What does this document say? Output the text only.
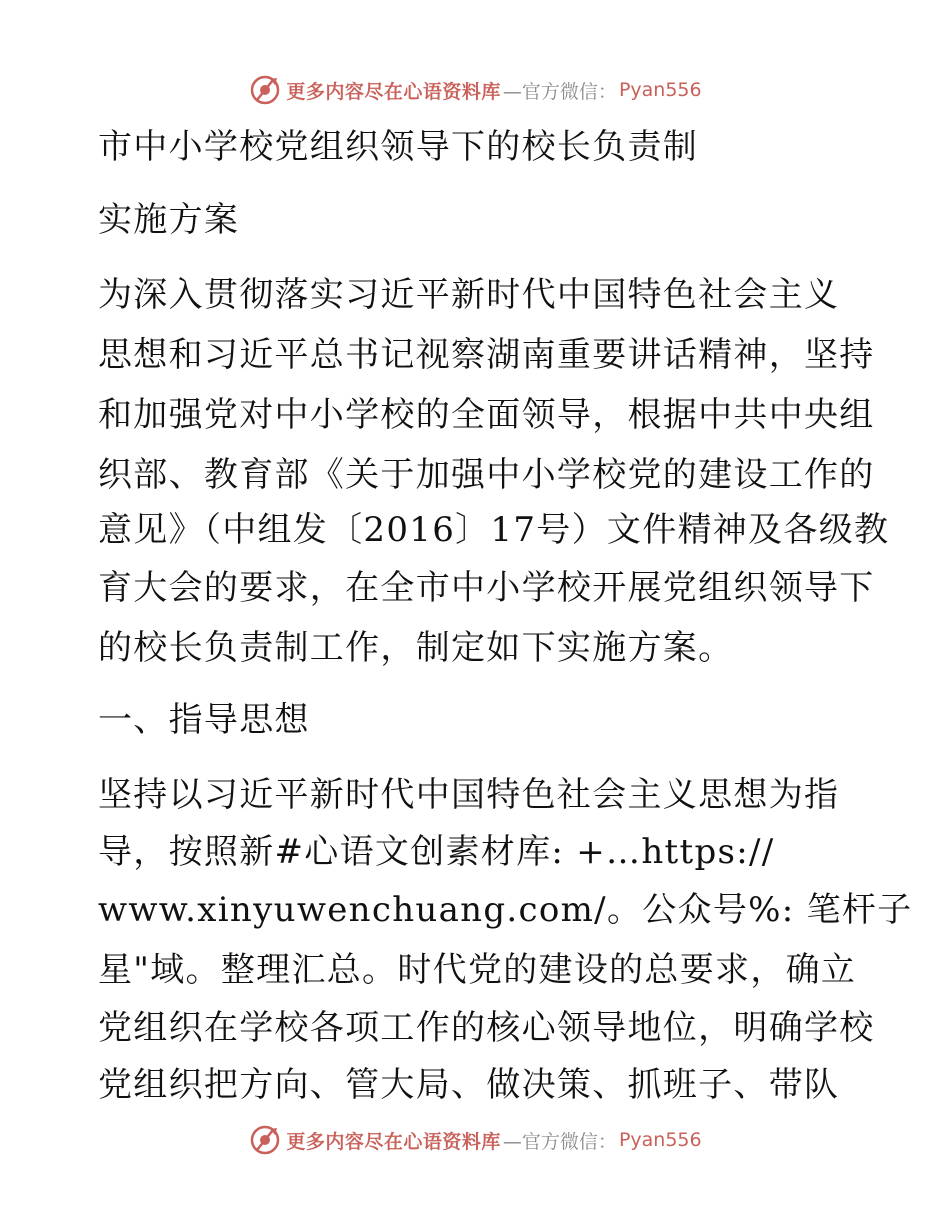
更多内容尽在心语资料库 —官方微信： Pyan556
市中小学校党组织领导下的校长负责制
实施方案
为深入贯彻落实习近平新时代中国特色社会主义
思想和习近平总书记视察湖南重要讲话精神，坚持
和加强党对中小学校的全面领导，根据中共中央组
织部、教育部《关于加强中小学校党的建设工作的
意见》（中组发〔2016〕17号）文件精神及各级教
育大会的要求，在全市中小学校开展党组织领导下
的校长负责制工作，制定如下实施方案。
一、指导思想
坚持以习近平新时代中国特色社会主义思想为指
导，按照新#心语文创素材库: +…https://
www.xinyuwenchuang.com/。公众号%: 笔杆子
星"域。整理汇总。时代党的建设的总要求，确立
党组织在学校各项工作的核心领导地位，明确学校
党组织把方向、管大局、做决策、抓班子、带队
更多内容尽在心语资料库 —官方微信： Pyan556
